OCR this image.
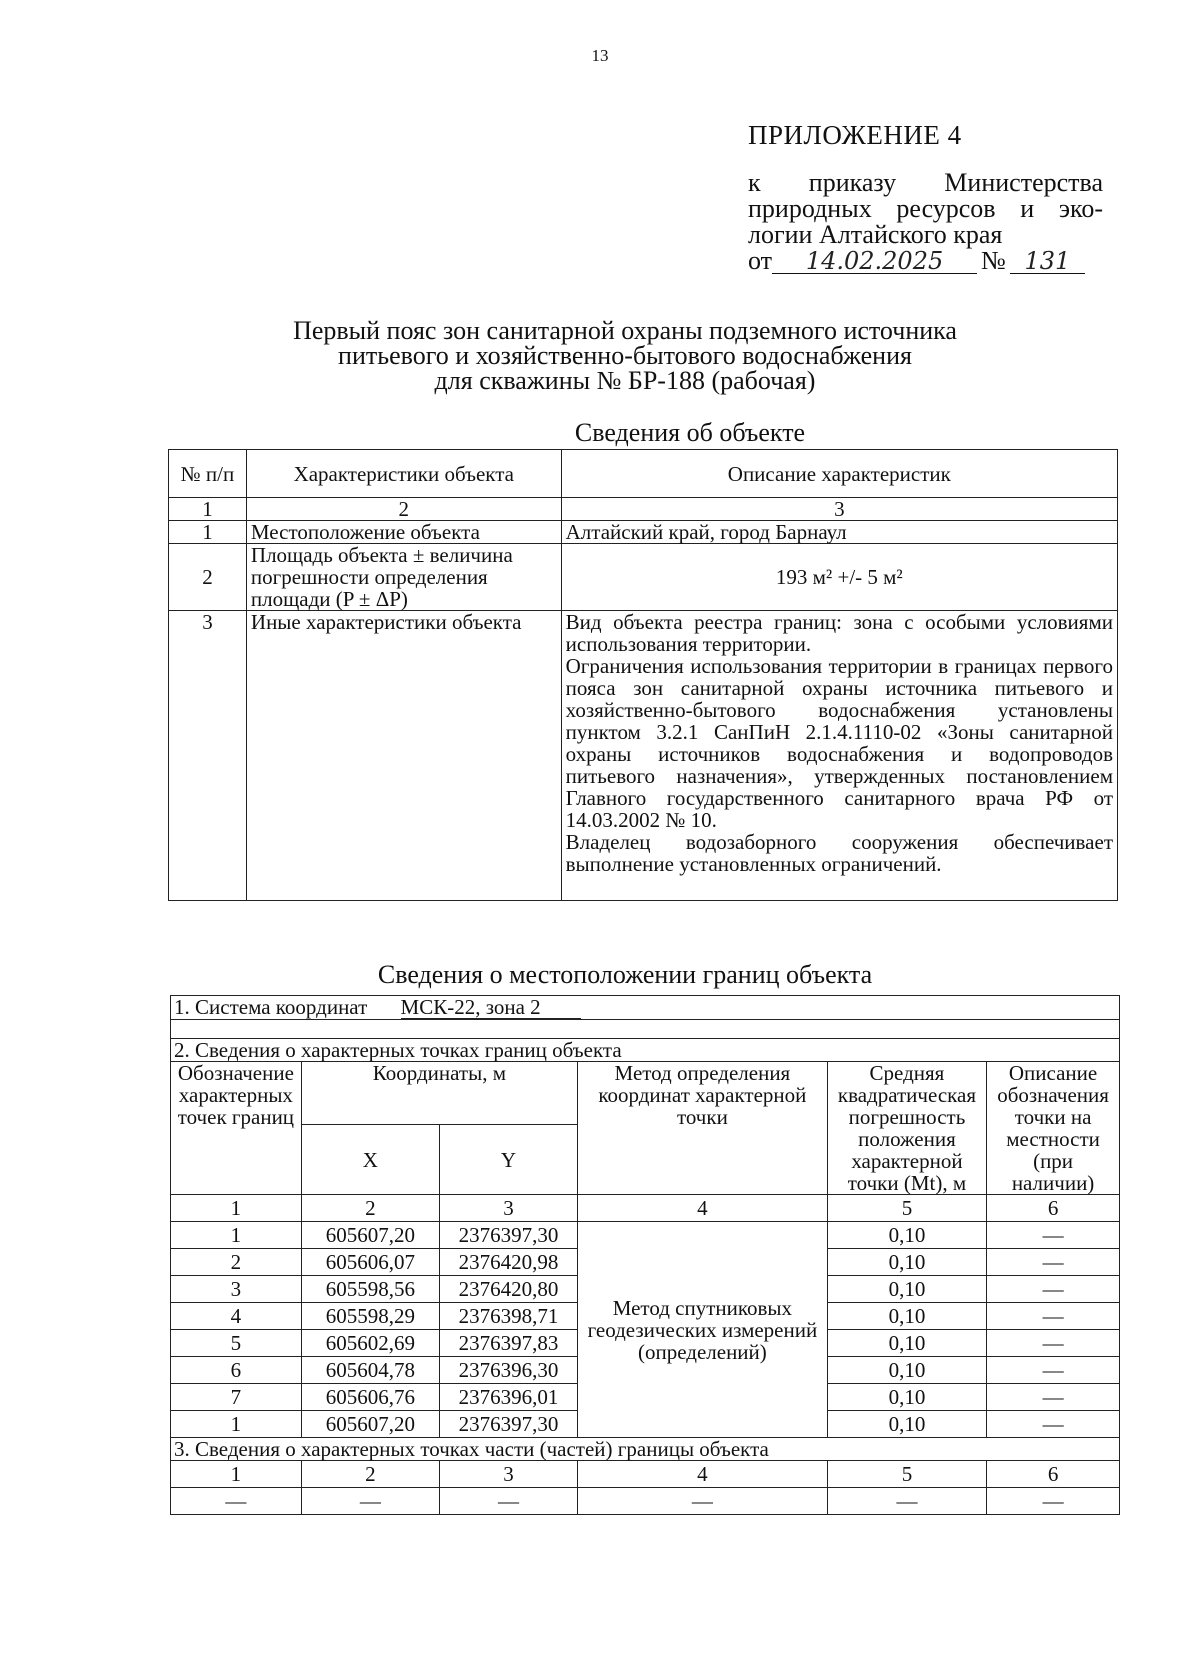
13
ПРИЛОЖЕНИЕ 4
к приказу Министерства
природных ресурсов и эко-
логии Алтайского края
от	14.02.2025	№ 131
Первый пояс зон санитарной охраны подземного источника
питьевого и хозяйственно-бытового водоснабжения
для скважины № БР-188 (рабочая)
Сведения об объекте
№ п/п	Характеристики объекта	Описание характеристик
1	2	3
1	Местоположение объекта	Алтайский край, город Барнаул
2	Площадь объекта ± величина погрешности определения площади (P ± ΔP)	193 м² +/- 5 м²
3	Иные характеристики объекта	Вид объекта реестра границ: зона с особыми условиями использования территории.

Ограничения использования территории в границах первого пояса зон санитарной охраны источника питьевого и хозяйственно-бытового водоснабжения установлены пунктом 3.2.1 СанПиН 2.1.4.1110-02 «Зоны санитарной охраны источников водоснабжения и водопроводов питьевого назначения», утвержденных постановлением Главного государственного санитарного врача РФ от 14.03.2002 № 10.

Владелец водозаборного сооружения обеспечивает выполнение установленных ограничений.

Сведения о местоположении границ объекта
1. Система координат МСК-22, зона 2					

2. Сведения о характерных точках границ объекта					
Обозначение характерных точек границ	Координаты, м		Метод определения координат характерной точки	Средняя квадратическая погрешность положения характерной точки (Mt), м	Описание обозначения точки на местности (при наличии)
	X	Y			
1	2	3	4	5	6
1	605607,20	2376397,30	Метод спутниковых геодезических измерений (определений)	0,10	—
2	605606,07	2376420,98		0,10	—
3	605598,56	2376420,80		0,10	—
4	605598,29	2376398,71		0,10	—
5	605602,69	2376397,83		0,10	—
6	605604,78	2376396,30		0,10	—
7	605606,76	2376396,01		0,10	—
1	605607,20	2376397,30		0,10	—
3. Сведения о характерных точках части (частей) границы объекта					
1	2	3	4	5	6
—	—	—	—	—	—
